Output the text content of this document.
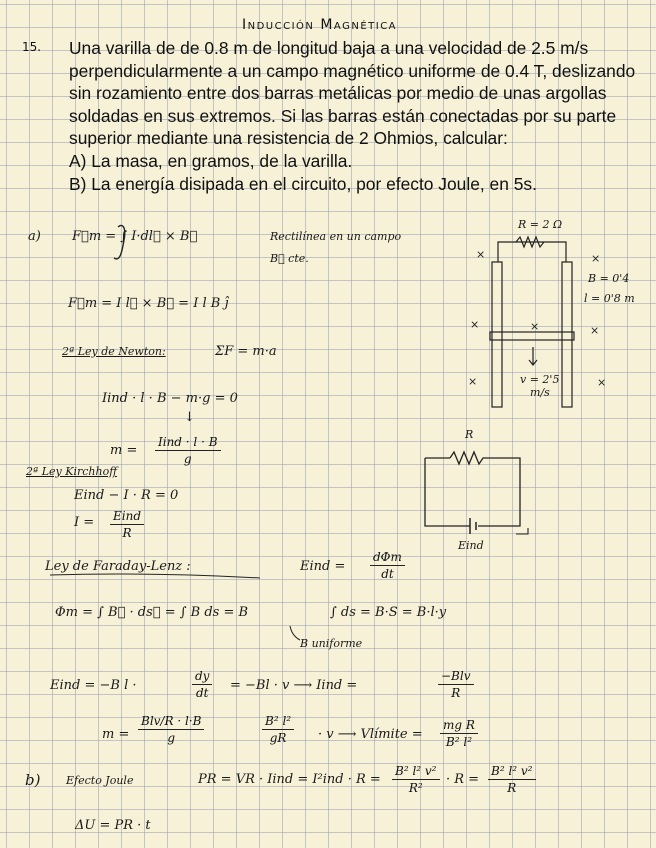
Inducción Magnética
15. Una varilla de de 0.8 m de longitud baja a una velocidad de 2.5 m/s perpendicularmente a un campo magnético uniforme de 0.4 T, deslizando sin rozamiento entre dos barras metálicas por medio de unas argollas soldadas en sus extremos. Si las barras están conectadas por su parte superior mediante una resistencia de 2 Ohmios, calcular:

A) La masa, en gramos, de la varilla.

B) La energía disipada en el circuito, por efecto Joule, en 5s.

a) F⃗m = ∫ I·dl⃗ × B⃗	Rectilínea en un campo
B⃗ cte.
F⃗m = I l⃗ × B⃗ = I l B ĵ
2ª Ley de Newton:	ΣF = m·a
Iind · l · B − m·g = 0
↓
m =
Iind · l · B
g
2ª Ley Kirchhoff
Eind − I · R = 0
I = Eind
R
Ley de Faraday-Lenz :	Eind =
dΦm
dt
Φm = ∫ B⃗ · ds⃗ = ∫ B ds = B	∫ ds = B·S = B·l·y
B uniforme
Eind = −B l ·	$\frac{dy}{dt} = -Bl \cdot v$ ⟶ Iind =
−Blv
R
m =
Blv/R · l·B
g	$\frac{\text{B² l²}}{gR} \cdot v$ ⟶ Vlímite = $\frac{\text{mg R}}{\text{B² l²}}$
b) Efecto Joule	PR = VR · Iind = $I^2ind \cdot R = \frac{\text{B² l² v²}}{\text{R²}} \cdot R = \frac{\text{B² l² v²}}{R}$
ΔU = PR · t
R = 2 Ω
B = 0'4
l = 0'8 m
v = 2'5
m/s
×	×
×	×	×
×	×
R
Eind
